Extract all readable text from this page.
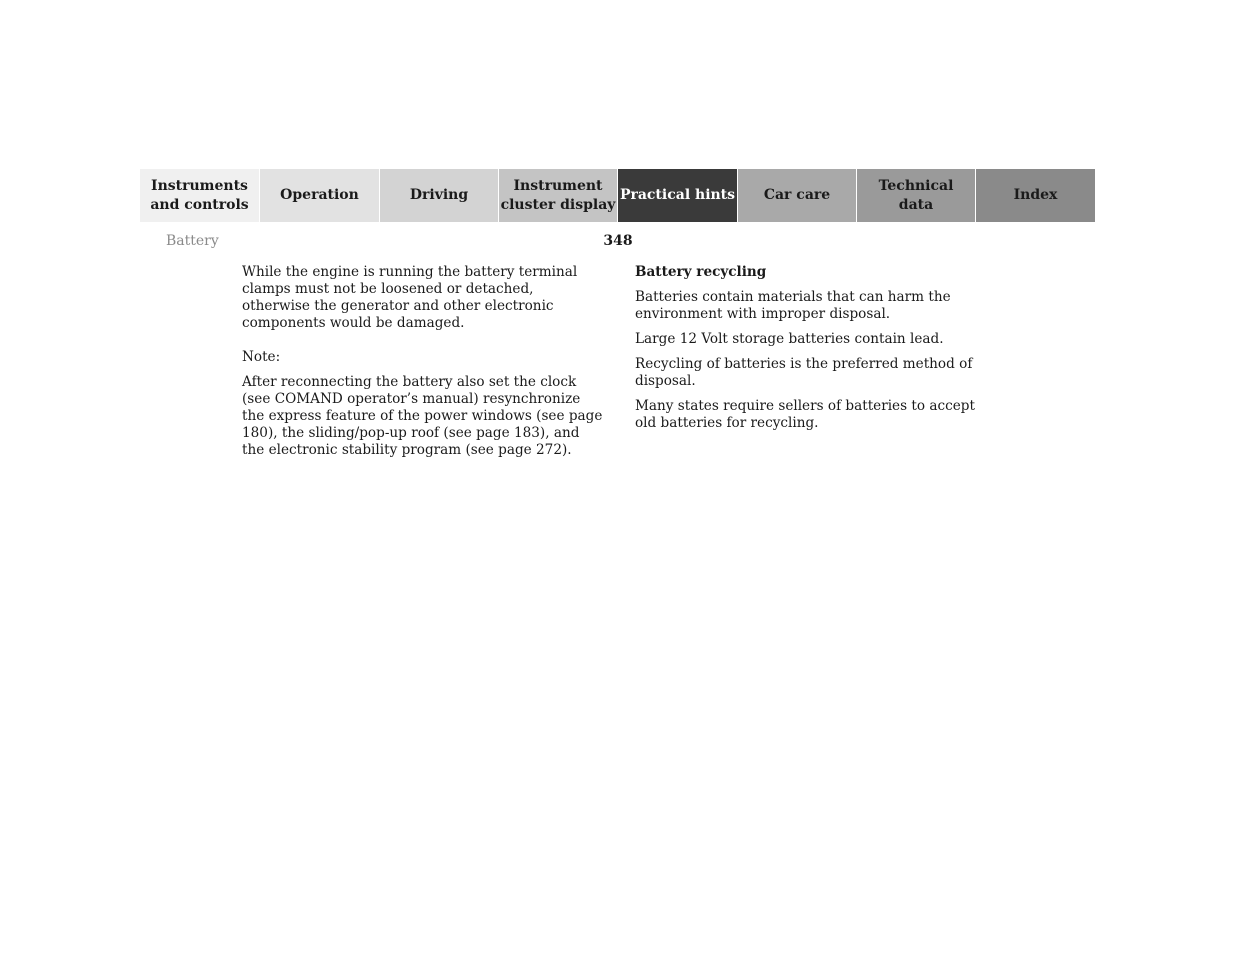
Instruments
and controls
Operation	Driving
Instrument
cluster display
Practical hints	Car care
Technical
data
Index
Battery	348

While the engine is running the battery terminal clamps must not be loosened or detached, otherwise the generator and other electronic components would be damaged.

Note:

After reconnecting the battery also set the clock (see COMAND operator’s manual) resynchronize the express feature of the power windows (see page 180), the sliding/pop-up roof (see page 183), and the electronic stability program (see page 272).

Battery recycling

Batteries contain materials that can harm the environment with improper disposal.

Large 12 Volt storage batteries contain lead.

Recycling of batteries is the preferred method of disposal.

Many states require sellers of batteries to accept old batteries for recycling.
